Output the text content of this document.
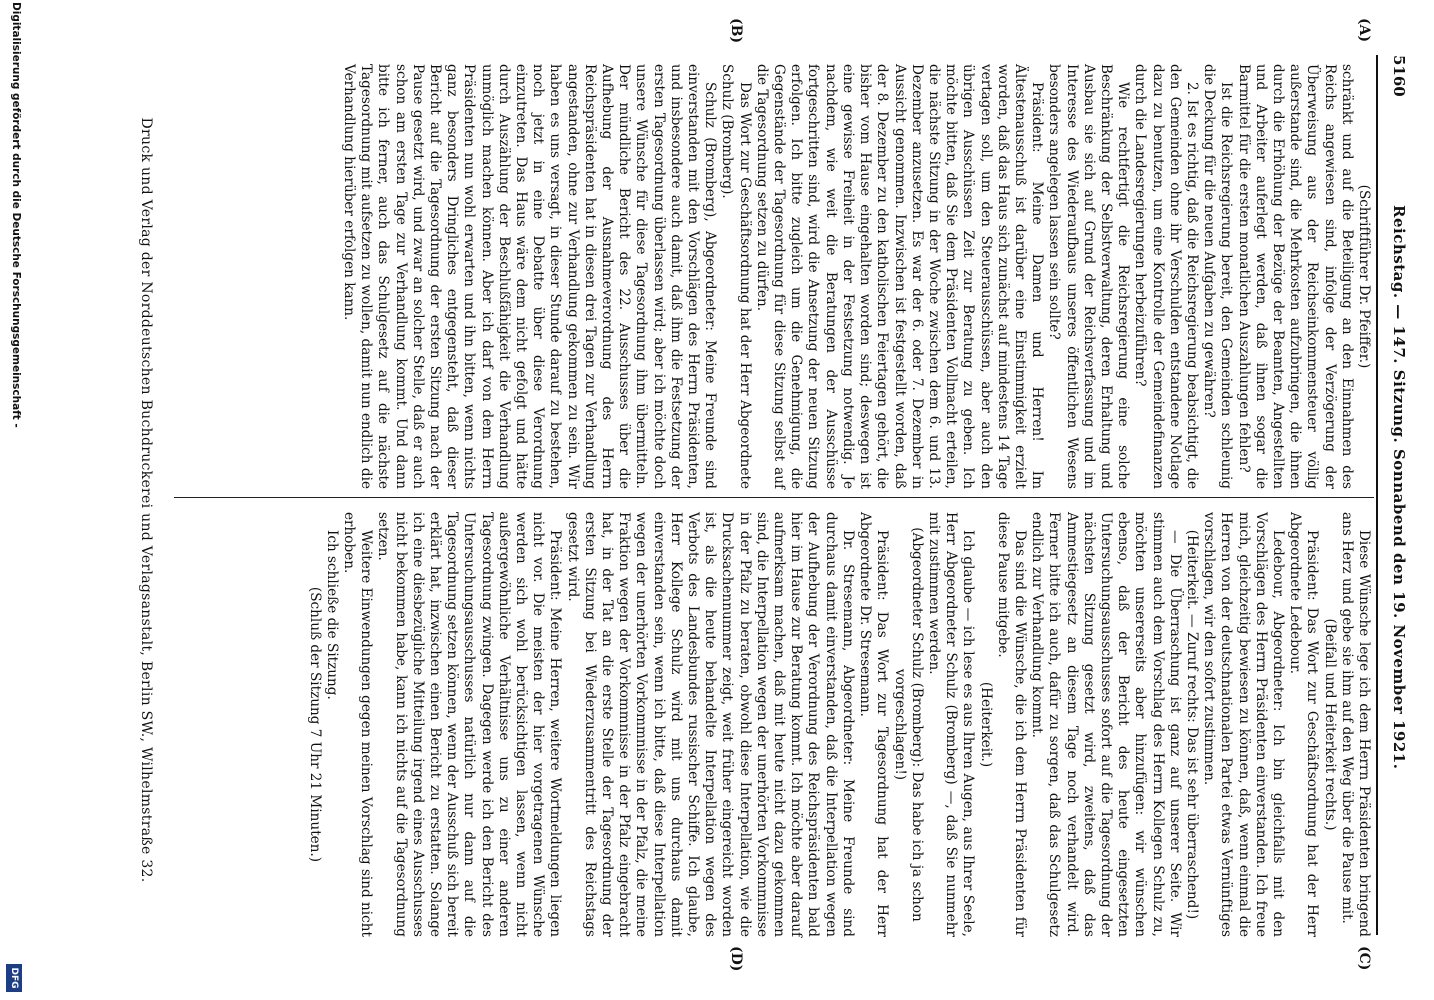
5160
Reichstag. — 147. Sitzung. Sonnabend den 19. November 1921.
(A)
(B)
(C)
(D)

(Schriftführer Dr. Pfeiffer.)

schränkt und auf die Beteiligung an den Einnahmen des Reichs angewiesen sind, infolge der Verzögerung der Überweisung aus der Reichseinkommensteuer völlig außerstande sind, die Mehrkosten aufzubringen, die ihnen durch die Erhöhung der Bezüge der Beamten, Angestellten und Arbeiter auferlegt werden, daß ihnen sogar die Barmittel für die ersten monatlichen Auszahlungen fehlen?

Ist die Reichsregierung bereit, den Gemeinden schleunig die Deckung für die neuen Aufgaben zu gewähren?

2. Ist es richtig, daß die Reichsregierung beabsichtigt, die den Gemeinden ohne ihr Verschulden entstandene Notlage dazu zu benutzen, um eine Kontrolle der Gemeindefinanzen durch die Landesregierungen herbeizuführen?

Wie rechtfertigt die Reichsregierung eine solche Beschränkung der Selbstverwaltung, deren Erhaltung und Ausbau sie sich auf Grund der Reichsverfassung und im Interesse des Wiederaufbaus unseres öffentlichen Wesens besonders angelegen lassen sein sollte?

Präsident: Meine Damen und Herren! Im Ältestenausschuß ist darüber eine Einstimmigkeit erzielt worden, daß das Haus sich zunächst auf mindestens 14 Tage vertagen soll, um den Steuerausschüssen, aber auch den übrigen Ausschüssen Zeit zur Beratung zu geben. Ich möchte bitten, daß Sie dem Präsidenten Vollmacht erteilen, die nächste Sitzung in der Woche zwischen dem 6. und 13. Dezember anzusetzen. Es war der 6. oder 7. Dezember in Aussicht genommen. Inzwischen ist festgestellt worden, daß der 8. Dezember zu den katholischen Feiertagen gehört, die bisher vom Hause eingehalten worden sind; deswegen ist eine gewisse Freiheit in der Festsetzung notwendig. Je nachdem, wie weit die Beratungen der Ausschüsse fortgeschritten sind, wird die Ansetzung der neuen Sitzung erfolgen. Ich bitte zugleich um die Genehmigung, die Gegenstände der Tagesordnung für diese Sitzung selbst auf die Tagesordnung setzen zu dürfen.

Das Wort zur Geschäftsordnung hat der Herr Abgeordnete Schulz (Bromberg).

Schulz (Bromberg), Abgeordneter: Meine Freunde sind einverstanden mit den Vorschlägen des Herrn Präsidenten, und insbesondere auch damit, daß ihm die Festsetzung der ersten Tagesordnung überlassen wird; aber ich möchte doch unsere Wünsche für diese Tagesordnung ihm übermitteln. Der mündliche Bericht des 22. Ausschusses über die Aufhebung der Ausnahmeverordnung des Herrn Reichspräsidenten hat in diesen drei Tagen zur Verhandlung angestanden, ohne zur Verhandlung gekommen zu sein. Wir haben es uns versagt, in dieser Stunde darauf zu bestehen, noch jetzt in eine Debatte über diese Verordnung einzutreten. Das Haus wäre dem nicht gefolgt und hätte durch Auszählung der Beschlußfähigkeit die Verhandlung unmöglich machen können. Aber ich darf von dem Herrn Präsidenten nun wohl erwarten und ihn bitten, wenn nichts ganz besonders Dringliches entgegensteht, daß dieser Bericht auf die Tagesordnung der ersten Sitzung nach der Pause gesetzt wird, und zwar an solcher Stelle, daß er auch schon am ersten Tage zur Verhandlung kommt. Und dann bitte ich ferner, auch das Schulgesetz auf die nächste Tagesordnung mit aufsetzen zu wollen, damit nun endlich die Verhandlung hierüber erfolgen kann.

Diese Wünsche lege ich dem Herrn Präsidenten bringend ans Herz und gebe sie ihm auf den Weg über die Pause mit.

(Beifall und Heiterkeit rechts.)

Präsident: Das Wort zur Geschäftsordnung hat der Herr Abgeordnete Ledebour.

Ledebour, Abgeordneter: Ich bin gleichfalls mit den Vorschlägen des Herrn Präsidenten einverstanden. Ich freue mich, gleichzeitig bewiesen zu können, daß, wenn einmal die Herren von der deutschnationalen Partei etwas Vernünftiges vorschlagen, wir den sofort zustimmen.

(Heiterkeit. — Zuruf rechts: Das ist sehr überraschend!)

— Die Überraschung ist ganz auf unserer Seite. Wir stimmen auch dem Vorschlag des Herrn Kollegen Schulz zu, möchten unsererseits aber hinzufügen: wir wünschen ebenso, daß der Bericht des heute eingesetzten Untersuchungsausschusses sofort auf die Tagesordnung der nächsten Sitzung gesetzt wird, zweitens, daß das Ammestiegesetz an diesem Tage noch verhandelt wird. Ferner bitte ich auch, dafür zu sorgen, daß das Schulgesetz endlich zur Verhandlung kommt.

Das sind die Wünsche, die ich dem Herrn Präsidenten für diese Pause mitgebe.

(Heiterkeit.)

Ich glaube — ich lese es aus Ihren Augen, aus Ihrer Seele, Herr Abgeordneter Schulz (Bromberg) —, daß Sie nunmehr mit zustimmen werden.

(Abgeordneter Schulz (Bromberg): Das habe ich ja schon vorgeschlagen!)

Präsident: Das Wort zur Tagesordnung hat der Herr Abgeordnete Dr. Stresemann.

Dr. Stresemann, Abgeordneter: Meine Freunde sind durchaus damit einverstanden, daß die Interpellation wegen der Aufhebung der Verordnung des Reichspräsidenten bald hier im Hause zur Beratung kommt. Ich möchte aber darauf aufmerksam machen, daß mit heute nicht dazu gekommen sind, die Interpellation wegen der unerhörten Vorkommnisse in der Pfalz zu beraten, obwohl diese Interpellation, wie die Drucksachennummer zeigt, weit früher eingereicht worden ist, als die heute behandelte Interpellation wegen des Verbots des Landesbundes russischer Schiffe. Ich glaube, Herr Kollege Schulz wird mit uns durchaus damit einverstanden sein, wenn ich bitte, daß diese Interpellation wegen der unerhörten Vorkommnisse in der Pfalz, die meine Fraktion wegen der Vorkommnisse in der Pfalz eingebracht hat, in der Tat an die erste Stelle der Tagesordnung der ersten Sitzung bei Wiederzusammentritt des Reichstags gesetzt wird.

Präsident: Meine Herren, weitere Wortmeldungen liegen nicht vor. Die meisten der hier vorgetragenen Wünsche werden sich wohl berücksichtigen lassen, wenn nicht außergewöhnliche Verhältnisse uns zu einer anderen Tagesordnung zwingen. Dagegen werde ich den Bericht des Untersuchungsausschusses natürlich nur dann auf die Tagesordnung setzen können, wenn der Ausschuß sich bereit erklärt hat, inzwischen einen Bericht zu erstatten. Solange ich eine diesbezügliche Mitteilung irgend eines Ausschusses nicht bekommen habe, kann ich nichts auf die Tagesordnung setzen.

Weitere Einwendungen gegen meinen Vorschlag sind nicht erhoben.

Ich schließe die Sitzung.

(Schluß der Sitzung 7 Uhr 21 Minuten.)

Druck und Verlag der Norddeutschen Buchdruckerei und Verlagsanstalt, Berlin SW., Wilhelmstraße 32.
Digitalisierung gefördert durch die Deutsche Forschungsgemeinschaft -
DFG
